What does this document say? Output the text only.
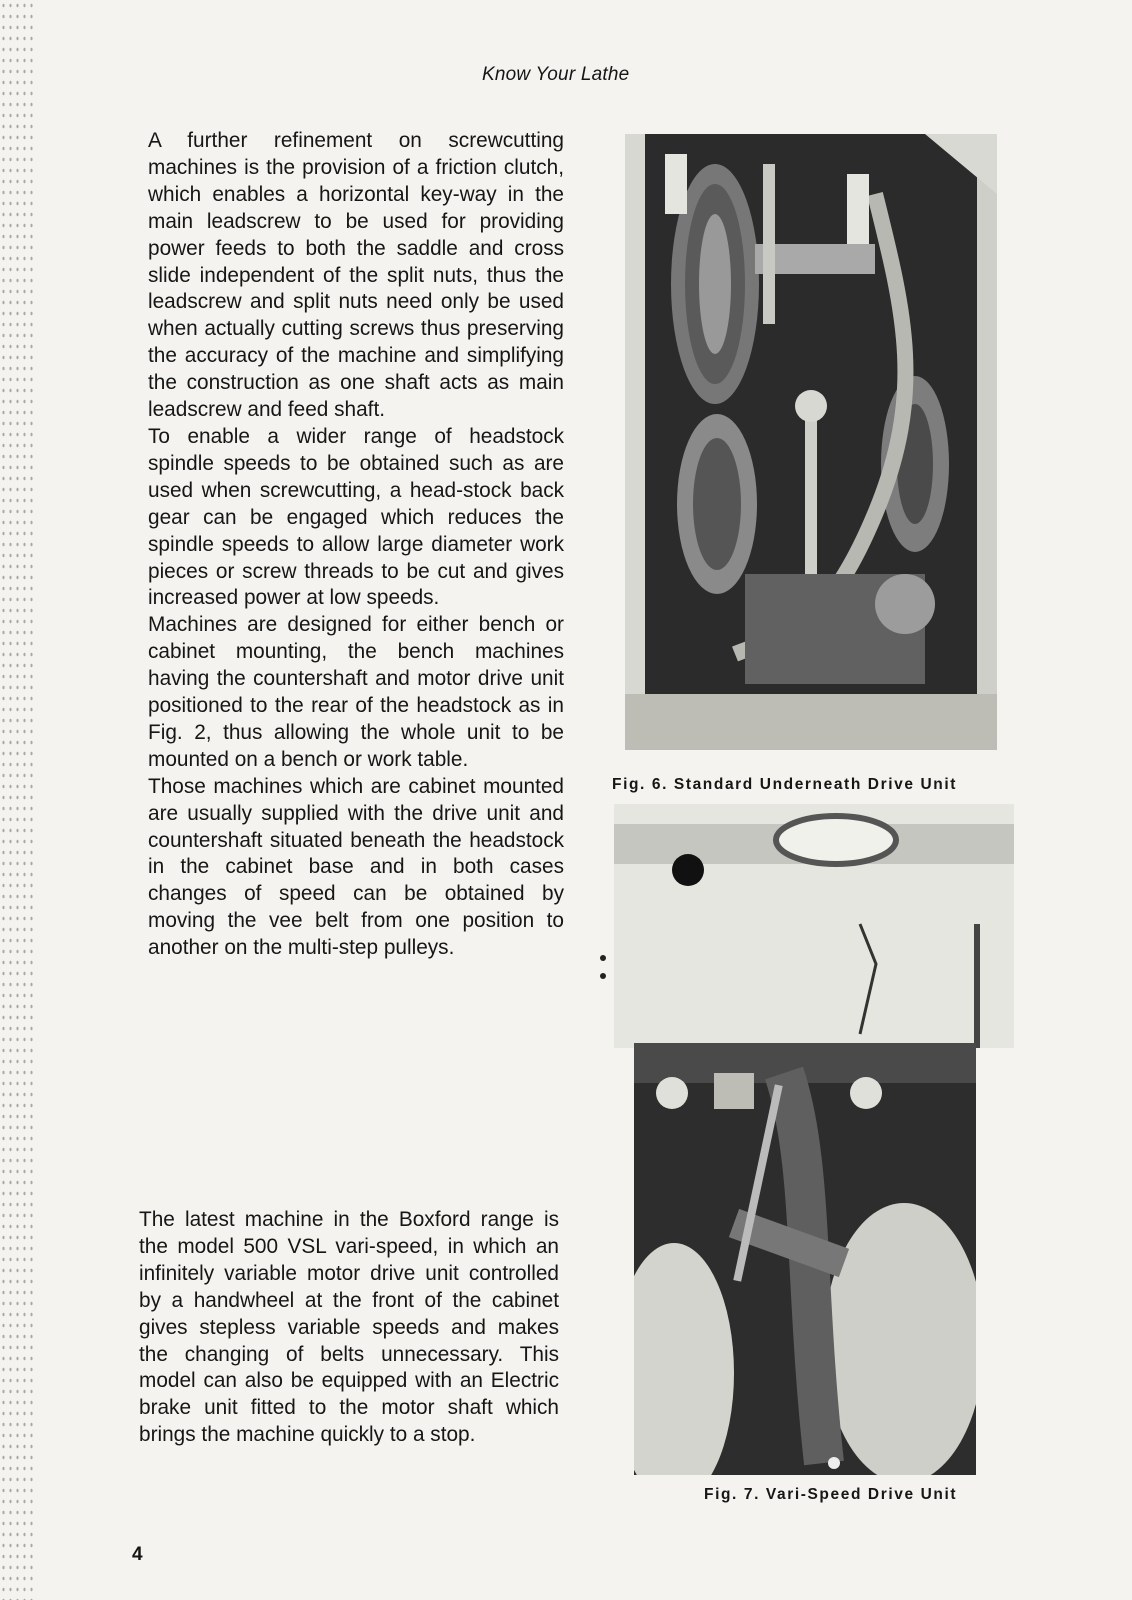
Know Your Lathe

A further refinement on screwcutting machines is the provision of a friction clutch, which enables a horizontal key-way in the main leadscrew to be used for providing power feeds to both the saddle and cross slide independent of the split nuts, thus the leadscrew and split nuts need only be used when actually cutting screws thus preserving the accuracy of the machine and simplifying the construction as one shaft acts as main leadscrew and feed shaft.

To enable a wider range of headstock spindle speeds to be obtained such as are used when screwcutting, a head-stock back gear can be engaged which reduces the spindle speeds to allow large diameter work pieces or screw threads to be cut and gives increased power at low speeds.

Machines are designed for either bench or cabinet mounting, the bench machines having the countershaft and motor drive unit positioned to the rear of the headstock as in Fig. 2, thus allowing the whole unit to be mounted on a bench or work table.

Those machines which are cabinet mounted are usually supplied with the drive unit and countershaft situated beneath the headstock in the cabinet base and in both cases changes of speed can be obtained by moving the vee belt from one position to another on the multi-step pulleys.

The latest machine in the Boxford range is the model 500 VSL vari-speed, in which an infinitely variable motor drive unit controlled by a handwheel at the front of the cabinet gives stepless variable speeds and makes the changing of belts unnecessary. This model can also be equipped with an Electric brake unit fitted to the motor shaft which brings the machine quickly to a stop.

Fig. 6. Standard Underneath Drive Unit
Fig. 7. Vari-Speed Drive Unit
4
